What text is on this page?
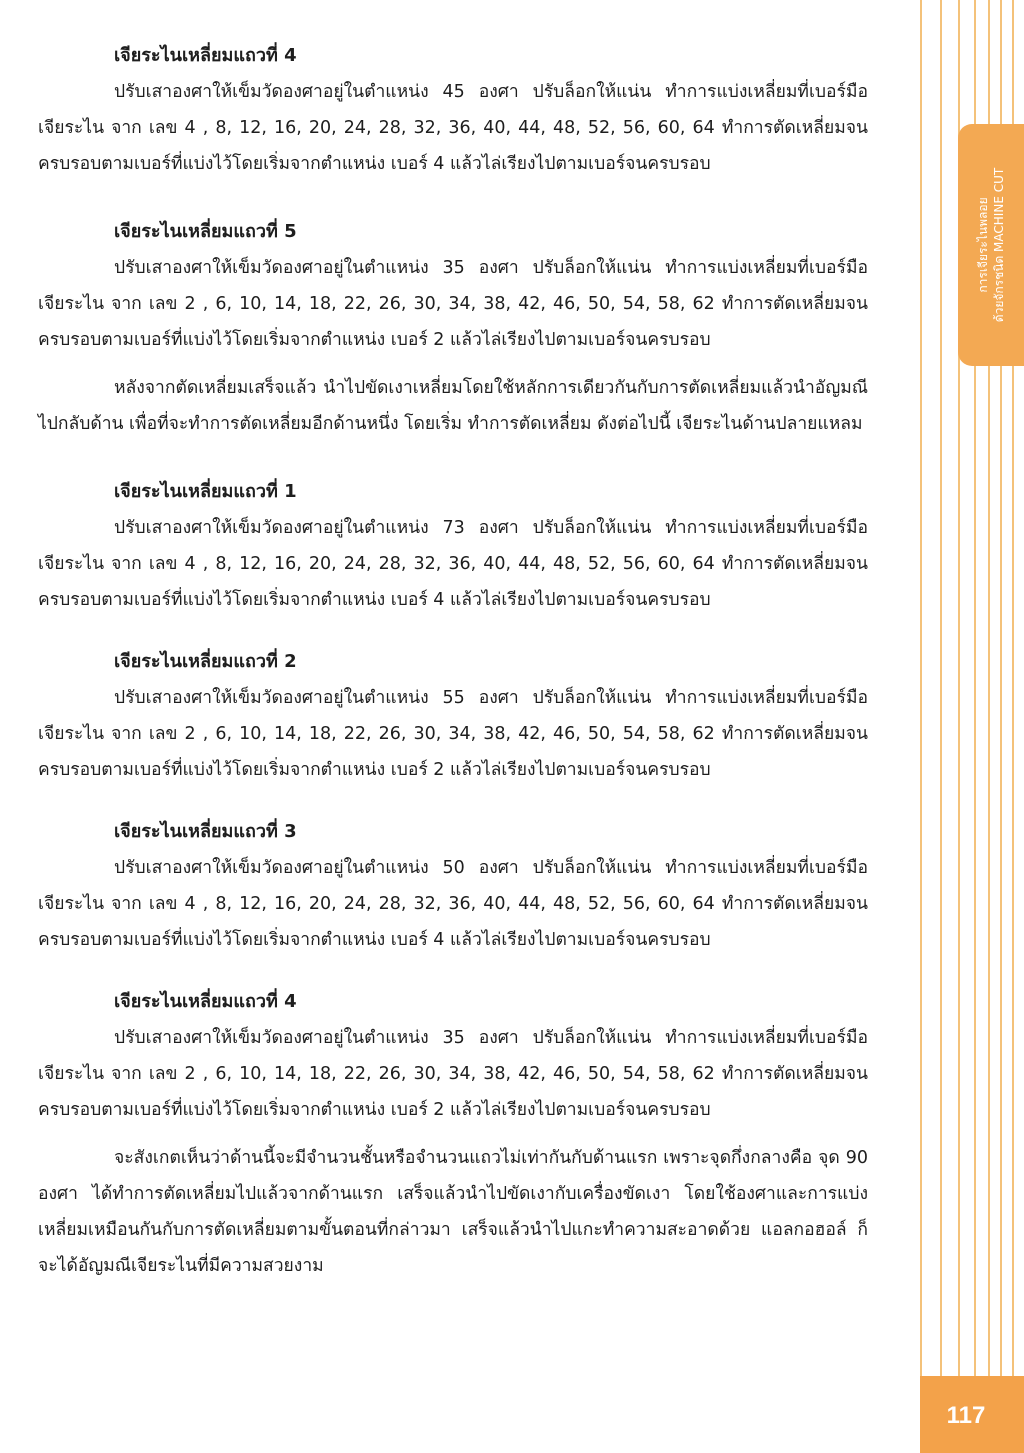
การเจียระไนพลอย ด้วยจักรชนิด MACHINE CUT
117

เจียระไนเหลี่ยมแถวที่ 4

ปรับเสาองศาให้เข็มวัดองศาอยู่ในตำแหน่ง 45 องศา ปรับล็อกให้แน่น ทำการแบ่งเหลี่ยมที่เบอร์มือเจียระไน จาก เลข 4 , 8, 12, 16, 20, 24, 28, 32, 36, 40, 44, 48, 52, 56, 60, 64 ทำการตัดเหลี่ยมจนครบรอบตามเบอร์ที่แบ่งไว้โดยเริ่มจากตำแหน่ง เบอร์ 4 แล้วไล่เรียงไปตามเบอร์จนครบรอบ

เจียระไนเหลี่ยมแถวที่ 5

ปรับเสาองศาให้เข็มวัดองศาอยู่ในตำแหน่ง 35 องศา ปรับล็อกให้แน่น ทำการแบ่งเหลี่ยมที่เบอร์มือเจียระไน จาก เลข 2 , 6, 10, 14, 18, 22, 26, 30, 34, 38, 42, 46, 50, 54, 58, 62 ทำการตัดเหลี่ยมจนครบรอบตามเบอร์ที่แบ่งไว้โดยเริ่มจากตำแหน่ง เบอร์ 2 แล้วไล่เรียงไปตามเบอร์จนครบรอบ

หลังจากตัดเหลี่ยมเสร็จแล้ว นำไปขัดเงาเหลี่ยมโดยใช้หลักการเดียวกันกับการตัดเหลี่ยมแล้วนำอัญมณีไปกลับด้าน เพื่อที่จะทำการตัดเหลี่ยมอีกด้านหนึ่ง โดยเริ่ม ทำการตัดเหลี่ยม ดังต่อไปนี้ เจียระไนด้านปลายแหลม

เจียระไนเหลี่ยมแถวที่ 1

ปรับเสาองศาให้เข็มวัดองศาอยู่ในตำแหน่ง 73 องศา ปรับล็อกให้แน่น ทำการแบ่งเหลี่ยมที่เบอร์มือเจียระไน จาก เลข 4 , 8, 12, 16, 20, 24, 28, 32, 36, 40, 44, 48, 52, 56, 60, 64 ทำการตัดเหลี่ยมจนครบรอบตามเบอร์ที่แบ่งไว้โดยเริ่มจากตำแหน่ง เบอร์ 4 แล้วไล่เรียงไปตามเบอร์จนครบรอบ

เจียระไนเหลี่ยมแถวที่ 2

ปรับเสาองศาให้เข็มวัดองศาอยู่ในตำแหน่ง 55 องศา ปรับล็อกให้แน่น ทำการแบ่งเหลี่ยมที่เบอร์มือเจียระไน จาก เลข 2 , 6, 10, 14, 18, 22, 26, 30, 34, 38, 42, 46, 50, 54, 58, 62 ทำการตัดเหลี่ยมจนครบรอบตามเบอร์ที่แบ่งไว้โดยเริ่มจากตำแหน่ง เบอร์ 2 แล้วไล่เรียงไปตามเบอร์จนครบรอบ

เจียระไนเหลี่ยมแถวที่ 3

ปรับเสาองศาให้เข็มวัดองศาอยู่ในตำแหน่ง 50 องศา ปรับล็อกให้แน่น ทำการแบ่งเหลี่ยมที่เบอร์มือเจียระไน จาก เลข 4 , 8, 12, 16, 20, 24, 28, 32, 36, 40, 44, 48, 52, 56, 60, 64 ทำการตัดเหลี่ยมจนครบรอบตามเบอร์ที่แบ่งไว้โดยเริ่มจากตำแหน่ง เบอร์ 4 แล้วไล่เรียงไปตามเบอร์จนครบรอบ

เจียระไนเหลี่ยมแถวที่ 4

ปรับเสาองศาให้เข็มวัดองศาอยู่ในตำแหน่ง 35 องศา ปรับล็อกให้แน่น ทำการแบ่งเหลี่ยมที่เบอร์มือเจียระไน จาก เลข 2 , 6, 10, 14, 18, 22, 26, 30, 34, 38, 42, 46, 50, 54, 58, 62 ทำการตัดเหลี่ยมจนครบรอบตามเบอร์ที่แบ่งไว้โดยเริ่มจากตำแหน่ง เบอร์ 2 แล้วไล่เรียงไปตามเบอร์จนครบรอบ

จะสังเกตเห็นว่าด้านนี้จะมีจำนวนชั้นหรือจำนวนแถวไม่เท่ากันกับด้านแรก เพราะจุดกึ่งกลางคือ จุด 90 องศา ได้ทำการตัดเหลี่ยมไปแล้วจากด้านแรก เสร็จแล้วนำไปขัดเงากับเครื่องขัดเงา โดยใช้องศาและการแบ่งเหลี่ยมเหมือนกันกับการตัดเหลี่ยมตามขั้นตอนที่กล่าวมา เสร็จแล้วนำไปแกะทำความสะอาดด้วย แอลกอฮอล์ ก็จะได้อัญมณีเจียระไนที่มีความสวยงาม
